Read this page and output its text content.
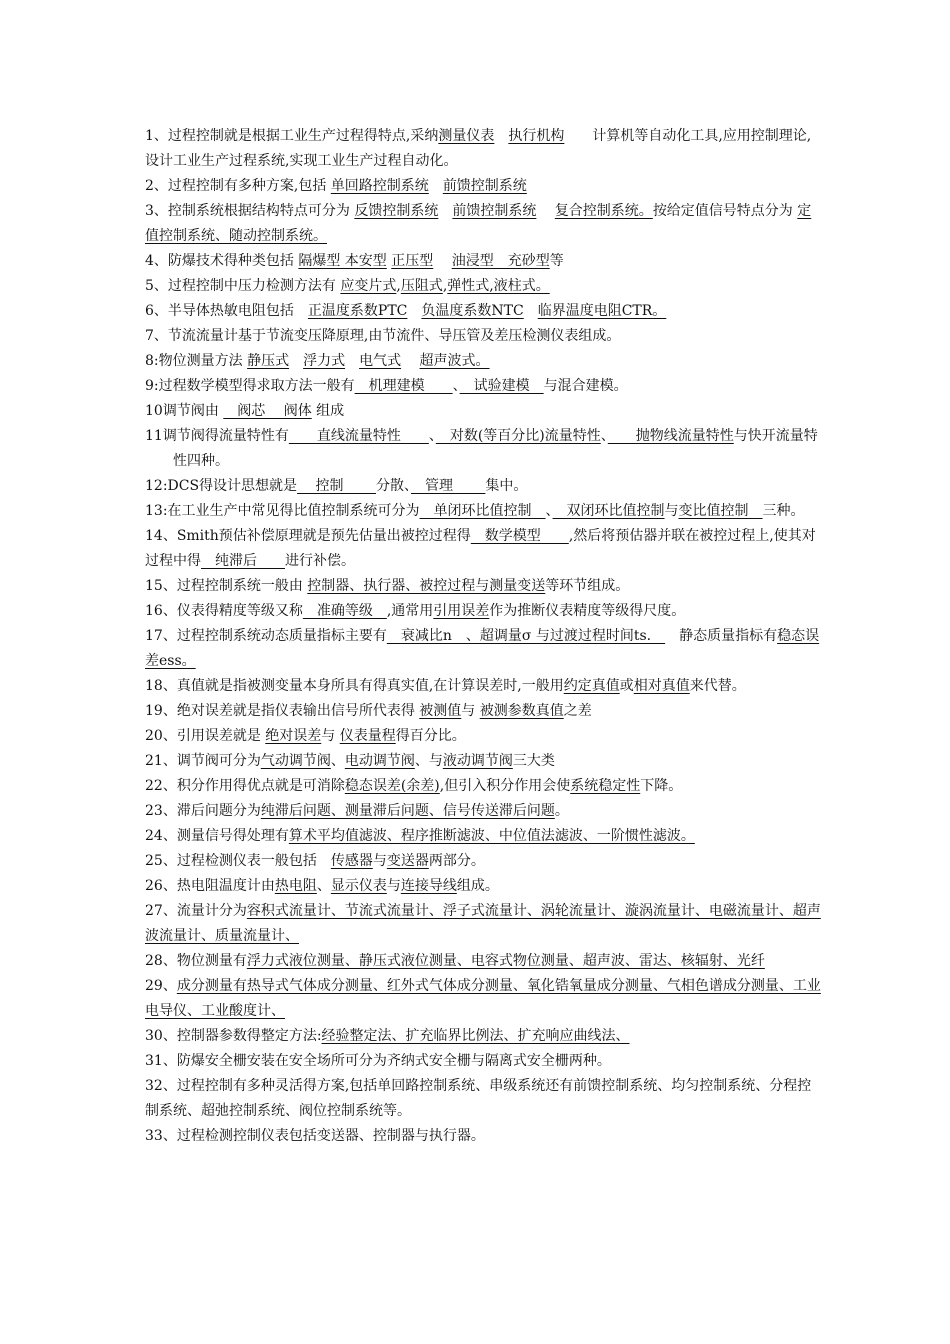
1、过程控制就是根据工业生产过程得特点,采纳测量仪表　 执行机构　　计算机等自动化工具,应用控制理论,设计工业生产过程系统,实现工业生产过程自动化。

2、过程控制有多种方案,包括 单回路控制系统　 前馈控制系统

3、控制系统根据结构特点可分为 反馈控制系统　 前馈控制系统　 复合控制系统。按给定值信号特点分为 定值控制系统、随动控制系统。

4、防爆技术得种类包括 隔爆型 本安型 正压型　 油浸型　充砂型等

5、过程控制中压力检测方法有 应变片式,压阻式,弹性式,液柱式。

6、半导体热敏电阻包括　正温度系数PTC　 负温度系数NTC　 临界温度电阻CTR。

7、节流流量计基于节流变压降原理,由节流件、导压管及差压检测仪表组成。

8:物位测量方法 静压式　 浮力式　 电气式　 超声波式。

9:过程数学模型得求取方法一般有　机理建模　　、　试验建模　与混合建模。

10调节阀由 　阀芯　 阀体 组成

11调节阀得流量特性有　　直线流量特性　　、　对数(等百分比)流量特性、　　抛物线流量特性与快开流量特性四种。

12:DCS得设计思想就是　 控制　　 分散、　管理　　 集中。

13:在工业生产中常见得比值控制系统可分为　单闭环比值控制　、　双闭环比值控制与变比值控制　三种。

14、Smith预估补偿原理就是预先估量出被控过程得　数学模型　　,然后将预估器并联在被控过程上,使其对过程中得　纯滞后　　进行补偿。

15、过程控制系统一般由 控制器、执行器、被控过程与测量变送等环节组成。

16、仪表得精度等级又称　准确等级　,通常用引用误差作为推断仪表精度等级得尺度。

17、过程控制系统动态质量指标主要有　衰减比n　、超调量σ 与过渡过程时间ts.　　静态质量指标有稳态误差ess。

18、真值就是指被测变量本身所具有得真实值,在计算误差时,一般用约定真值或相对真值来代替。

19、绝对误差就是指仪表输出信号所代表得 被测值与 被测参数真值之差

20、引用误差就是 绝对误差与 仪表量程得百分比。

21、调节阀可分为气动调节阀、电动调节阀、与液动调节阀三大类

22、积分作用得优点就是可消除稳态误差(余差),但引入积分作用会使系统稳定性下降。

23、滞后问题分为纯滞后问题、测量滞后问题、信号传送滞后问题。

24、测量信号得处理有算术平均值滤波、程序推断滤波、中位值法滤波、一阶惯性滤波。

25、过程检测仪表一般包括　传感器与变送器两部分。

26、热电阻温度计由热电阻、显示仪表与连接导线组成。

27、流量计分为容积式流量计、节流式流量计、浮子式流量计、涡轮流量计、漩涡流量计、电磁流量计、超声波流量计、质量流量计、

28、物位测量有浮力式液位测量、静压式液位测量、电容式物位测量、超声波、雷达、核辐射、光纤

29、成分测量有热导式气体成分测量、红外式气体成分测量、氧化锆氧量成分测量、气相色谱成分测量、工业电导仪、工业酸度计、

30、控制器参数得整定方法:经验整定法、扩充临界比例法、扩充响应曲线法、

31、防爆安全栅安装在安全场所可分为齐纳式安全栅与隔离式安全栅两种。

32、过程控制有多种灵活得方案,包括单回路控制系统、串级系统还有前馈控制系统、均匀控制系统、分程控制系统、超弛控制系统、阀位控制系统等。

33、过程检测控制仪表包括变送器、控制器与执行器。
